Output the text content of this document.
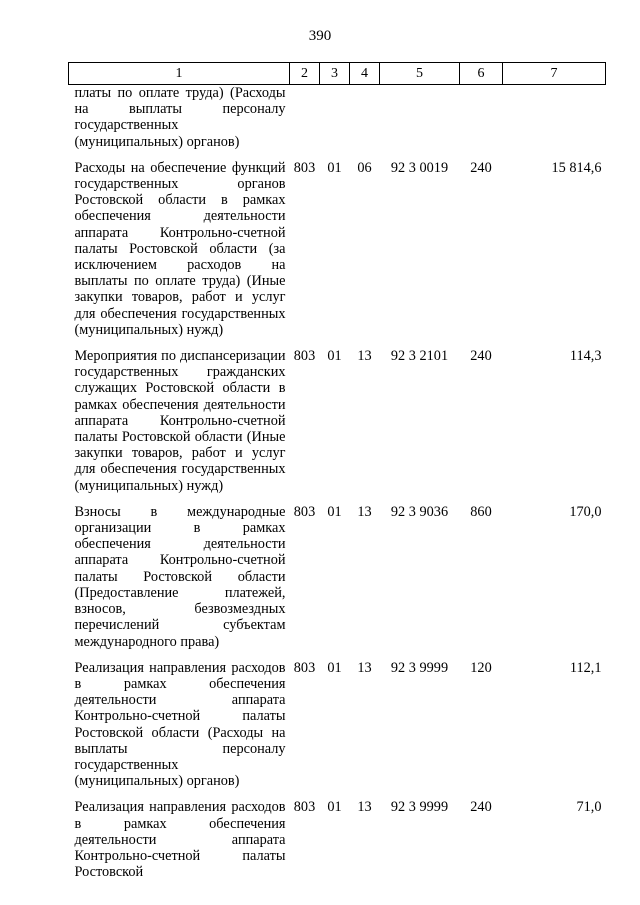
390
1	2	3	4	5	6	7
платы по оплате труда) (Расходы на выплаты персоналу государственных (муниципальных) органов)						

Расходы на обеспечение функций государственных органов Ростовской области в рамках обеспечения деятельности аппарата Контрольно-счетной палаты Ростовской области (за исключением расходов на выплаты по оплате труда) (Иные закупки товаров, работ и услуг для обеспечения государственных (муниципальных) нужд)	803	01	06	92 3 0019	240	15 814,6

Мероприятия по диспансеризации государственных гражданских служащих Ростовской области в рамках обеспечения деятельности аппарата Контрольно-счетной палаты Ростовской области (Иные закупки товаров, работ и услуг для обеспечения государственных (муниципальных) нужд)	803	01	13	92 3 2101	240	114,3

Взносы в международные организации в рамках обеспечения деятельности аппарата Контрольно-счетной палаты Ростовской области (Предоставление платежей, взносов, безвозмездных перечислений субъектам международного права)	803	01	13	92 3 9036	860	170,0

Реализация направления расходов в рамках обеспечения деятельности аппарата Контрольно-счетной палаты Ростовской области (Расходы на выплаты персоналу государственных (муниципальных) органов)	803	01	13	92 3 9999	120	112,1

Реализация направления расходов в рамках обеспечения деятельности аппарата Контрольно-счетной палаты Ростовской	803	01	13	92 3 9999	240	71,0
